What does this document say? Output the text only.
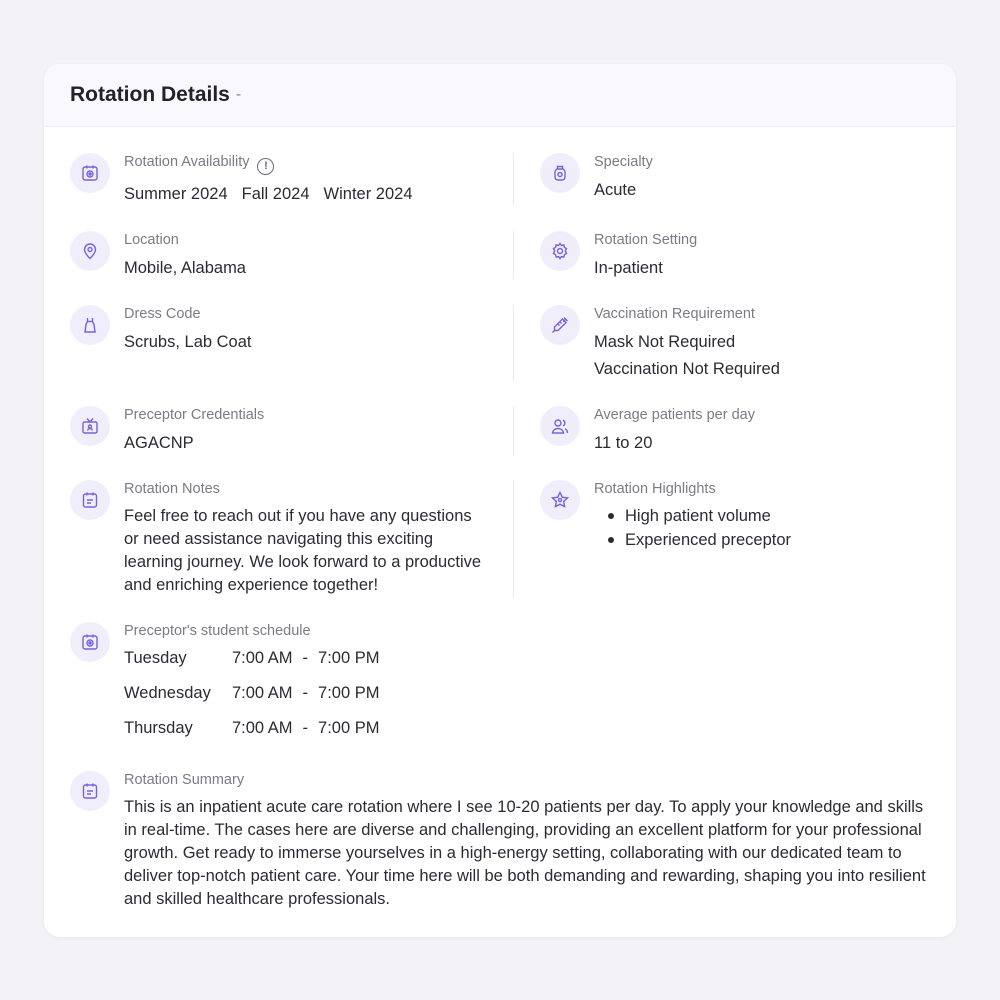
Rotation Details -
Rotation Availability !
Summer 2024 Fall 2024 Winter 2024
Specialty
Acute
Location
Mobile, Alabama
Rotation Setting
In-patient
Dress Code
Scrubs, Lab Coat
Vaccination Requirement
Mask Not Required
Vaccination Not Required
Preceptor Credentials
AGACNP
Average patients per day
11 to 20
Rotation Notes
Feel free to reach out if you have any questions or need assistance navigating this exciting learning journey. We look forward to a productive and enriching experience together!
Rotation Highlights
High patient volume
Experienced preceptor
Preceptor's student schedule
Tuesday	7:00 AM - 7:00 PM
Wednesday	7:00 AM - 7:00 PM
Thursday	7:00 AM - 7:00 PM
Rotation Summary
This is an inpatient acute care rotation where I see 10-20 patients per day. To apply your knowledge and skills in real-time. The cases here are diverse and challenging, providing an excellent platform for your professional growth. Get ready to immerse yourselves in a high-energy setting, collaborating with our dedicated team to deliver top-notch patient care. Your time here will be both demanding and rewarding, shaping you into resilient and skilled healthcare professionals.
